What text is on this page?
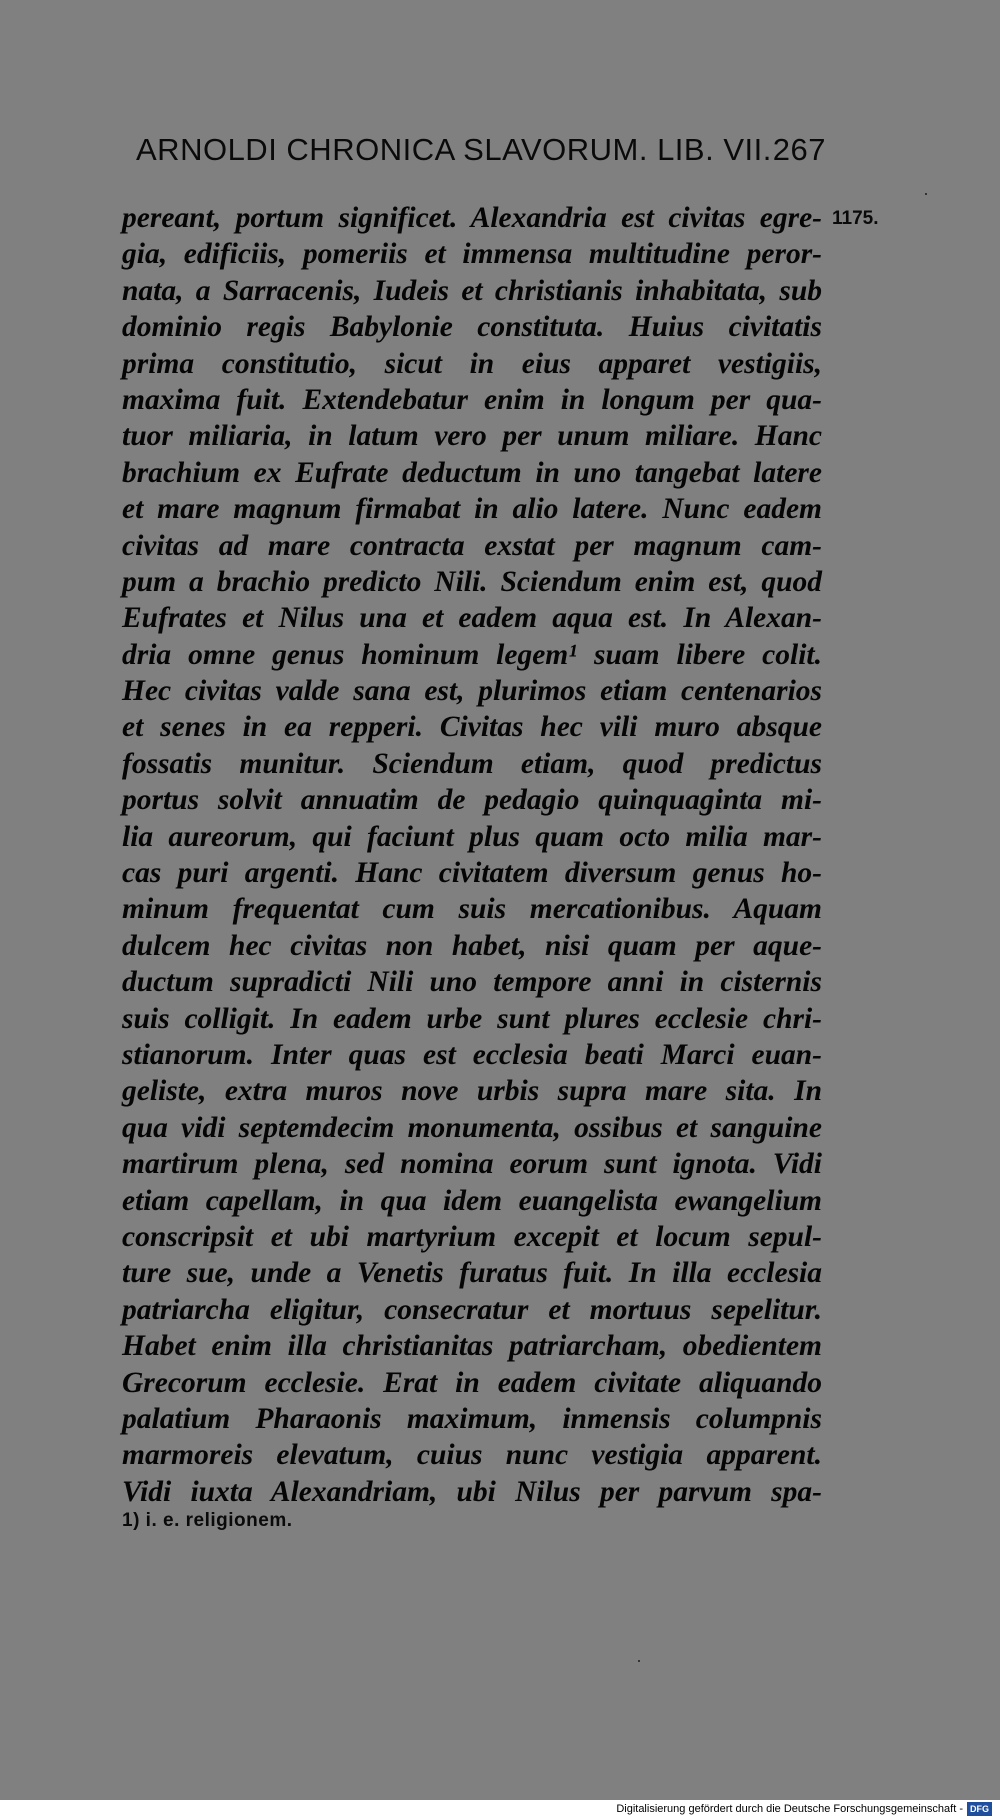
ARNOLDI CHRONICA SLAVORUM. LIB. VII. 267
1175.
pereant, portum significet. Alexandria est civitas egre-
gia, edificiis, pomeriis et immensa multitudine peror-
nata, a Sarracenis, Iudeis et christianis inhabitata, sub
dominio regis Babylonie constituta. Huius civitatis
prima constitutio, sicut in eius apparet vestigiis,
maxima fuit. Extendebatur enim in longum per qua-
tuor miliaria, in latum vero per unum miliare. Hanc
brachium ex Eufrate deductum in uno tangebat latere
et mare magnum firmabat in alio latere. Nunc eadem
civitas ad mare contracta exstat per magnum cam-
pum a brachio predicto Nili. Sciendum enim est, quod
Eufrates et Nilus una et eadem aqua est. In Alexan-
dria omne genus hominum legem¹ suam libere colit.
Hec civitas valde sana est, plurimos etiam centenarios
et senes in ea repperi. Civitas hec vili muro absque
fossatis munitur. Sciendum etiam, quod predictus
portus solvit annuatim de pedagio quinquaginta mi-
lia aureorum, qui faciunt plus quam octo milia mar-
cas puri argenti. Hanc civitatem diversum genus ho-
minum frequentat cum suis mercationibus. Aquam
dulcem hec civitas non habet, nisi quam per aque-
ductum supradicti Nili uno tempore anni in cisternis
suis colligit. In eadem urbe sunt plures ecclesie chri-
stianorum. Inter quas est ecclesia beati Marci euan-
geliste, extra muros nove urbis supra mare sita. In
qua vidi septemdecim monumenta, ossibus et sanguine
martirum plena, sed nomina eorum sunt ignota. Vidi
etiam capellam, in qua idem euangelista ewangelium
conscripsit et ubi martyrium excepit et locum sepul-
ture sue, unde a Venetis furatus fuit. In illa ecclesia
patriarcha eligitur, consecratur et mortuus sepelitur.
Habet enim illa christianitas patriarcham, obedientem
Grecorum ecclesie. Erat in eadem civitate aliquando
palatium Pharaonis maximum, inmensis columpnis
marmoreis elevatum, cuius nunc vestigia apparent.
Vidi iuxta Alexandriam, ubi Nilus per parvum spa-
1) i. e. religionem.
Digitalisierung gefördert durch die Deutsche Forschungsgemeinschaft - DFG
